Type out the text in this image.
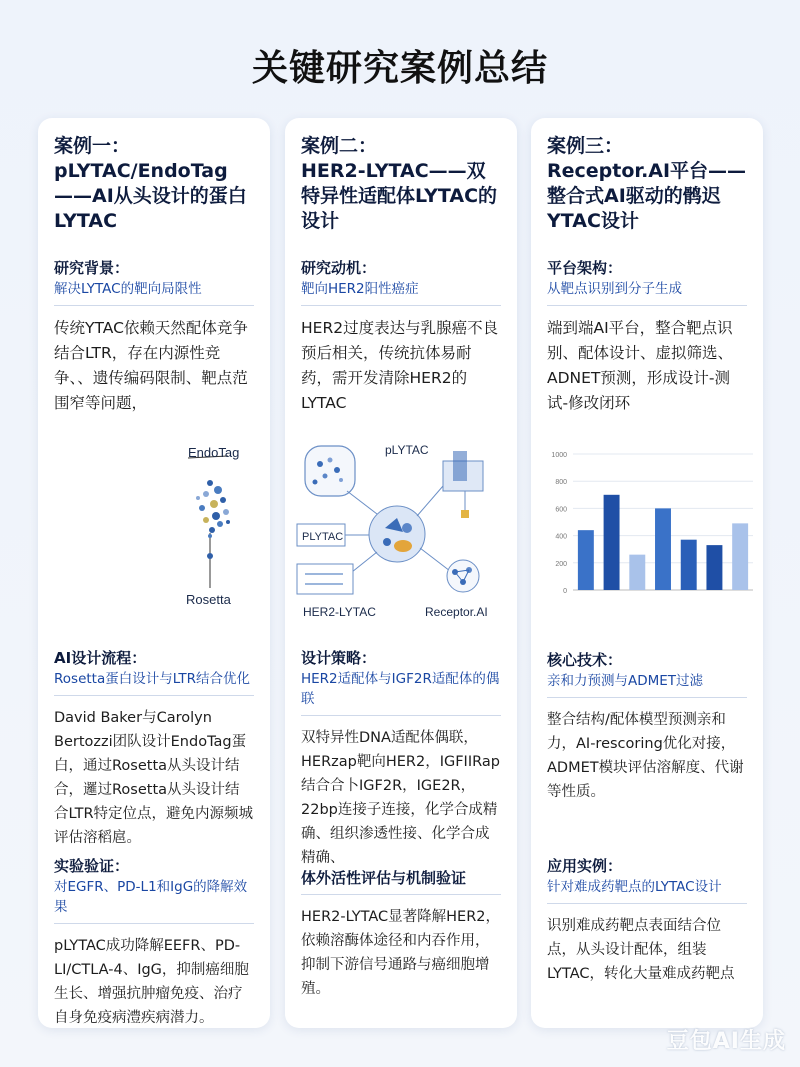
关键研究案例总结
案例一：
pLYTAC/EndoTag——AI从头设计的蛋白LYTAC
研究背景：
解决LYTAC的靶向局限性
传统YTAC依赖天然配体竞争结合LTR，存在内源性竞争、、遗传编码限制、靶点范围窄等问题，
EndoTag
Rosetta
AI设计流程：
Rosetta蛋白设计与LTR结合优化
David Baker与Carolyn Bertozzi团队设计EndoTag蛋白，通过Rosetta从头设计结合，邏过Rosetta从头设计结合LTR特定位点，避免内源频城评估溶稻扈。
实验验证：
对EGFR、PD-L1和IgG的降解效果
pLYTAC成功降解EEFR、PD-LI/CTLA-4、IgG，抑制癌细胞生长、增强抗肿瘤免疫、治疗自身免疫病澧疾病潜力。
案例二：
HER2-LYTAC——双特异性适配体LYTAC的设计
研究动机：
靶向HER2阳性癌症
HER2过度表达与乳腺癌不良预后相关，传统抗体易耐药，需开发清除HER2的LYTAC
pLYTAC
PLYTAC
HER2-LYTAC	Receptor.AI
设计策略：
HER2适配体与IGF2R适配体的偶联
双特异性DNA适配体偶联，HERzap靶向HER2，IGFIIRap结合合卜IGF2R，IGE2R，22bp连接子连接，化学合成精确、组织渗透性接、化学合成精确、
体外活性评估与机制验证
HER2-LYTAC显著降解HER2，依赖溶酶体途径和内吞作用，抑制下游信号通路与癌细胞增殖。
案例三：
Receptor.AI平台——整合式AI驱动的鹘迟YTAC设计
平台架构：
从靶点识别到分子生成
端到端AI平台，整合靶点识别、配体设计、虚拟筛选、 ADNET预测，形成设计-测试-修改闭环
0
200
400
600
800
1000
核心技术：
亲和力预测与ADMET过滤
整合结构/配体模型预测亲和力，AI-rescoring优化对接，ADMET模块评估溶解度、代谢等性质。
应用实例：
针对难成药靶点的LYTAC设计
识别难成药靶点表面结合位点，从头设计配体，组装LYTAC，转化大量难成药靶点
豆包AI生成
